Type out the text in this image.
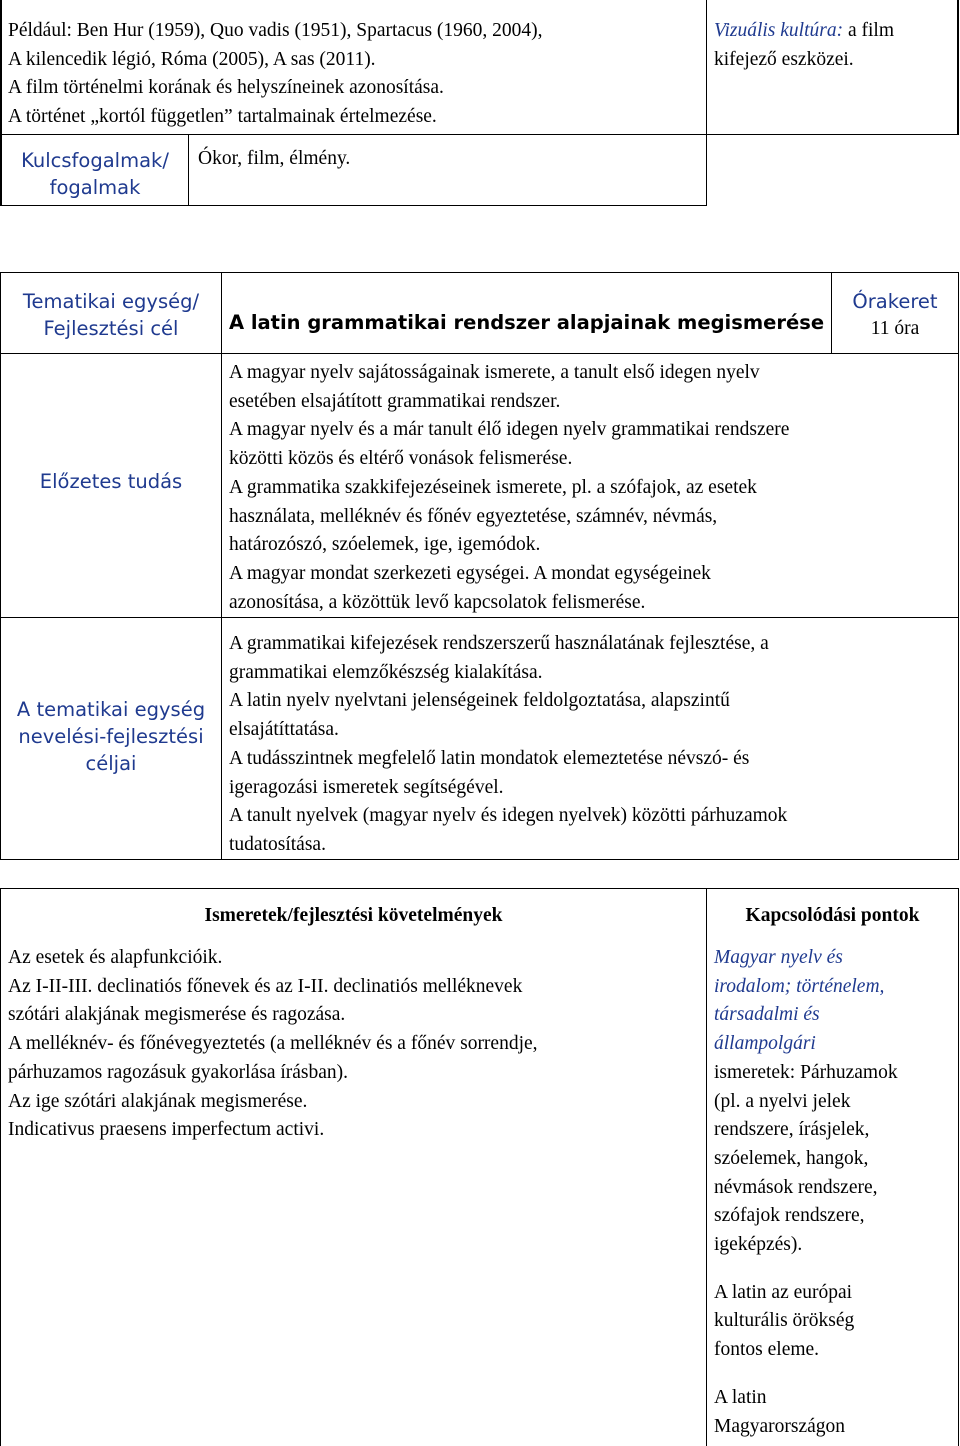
Például: Ben Hur (1959), Quo vadis (1951), Spartacus (1960, 2004),
A kilencedik légió, Róma (2005), A sas (2011).
A film történelmi korának és helyszíneinek azonosítása.
A történet „kortól független” tartalmainak értelmezése.
Vizuális kultúra: a film
kifejező eszközei.
Kulcsfogalmak/
fogalmak
Ókor, film, élmény.
Tematikai egység/
Fejlesztési cél	A latin grammatikai rendszer alapjainak megismerése
Órakeret
11 óra
Előzetes tudás
A magyar nyelv sajátosságainak ismerete, a tanult első idegen nyelv
esetében elsajátított grammatikai rendszer.
A magyar nyelv és a már tanult élő idegen nyelv grammatikai rendszere
közötti közös és eltérő vonások felismerése.
A grammatika szakkifejezéseinek ismerete, pl. a szófajok, az esetek
használata, melléknév és főnév egyeztetése, számnév, névmás,
határozószó, szóelemek, ige, igemódok.
A magyar mondat szerkezeti egységei. A mondat egységeinek
azonosítása, a közöttük levő kapcsolatok felismerése.
A tematikai egység
nevelési-fejlesztési
céljai
A grammatikai kifejezések rendszerszerű használatának fejlesztése, a
grammatikai elemzőkészség kialakítása.
A latin nyelv nyelvtani jelenségeinek feldolgoztatása, alapszintű
elsajátíttatása.
A tudásszintnek megfelelő latin mondatok elemeztetése névszó- és
igeragozási ismeretek segítségével.
A tanult nyelvek (magyar nyelv és idegen nyelvek) közötti párhuzamok
tudatosítása.
Ismeretek/fejlesztési követelmények	Kapcsolódási pontok
Az esetek és alapfunkcióik.
Az I-II-III. declinatiós főnevek és az I-II. declinatiós melléknevek
szótári alakjának megismerése és ragozása.
A melléknév- és főnévegyeztetés (a melléknév és a főnév sorrendje,
párhuzamos ragozásuk gyakorlása írásban).
Az ige szótári alakjának megismerése.
Indicativus praesens imperfectum activi.
Magyar nyelv és
irodalom; történelem,
társadalmi és
állampolgári
ismeretek: Párhuzamok
(pl. a nyelvi jelek
rendszere, írásjelek,
szóelemek, hangok,
névmások rendszere,
szófajok rendszere,
igeképzés).
A latin az európai
kulturális örökség
fontos eleme.
A latin
Magyarországon
